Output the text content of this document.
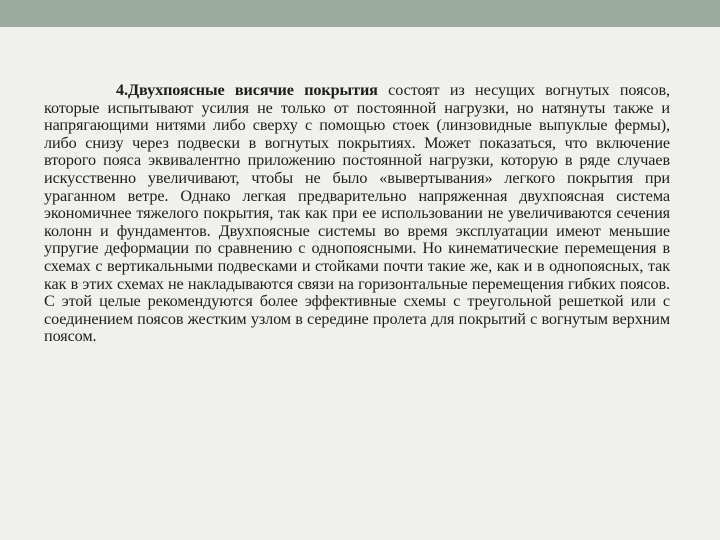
4.Двухпоясные висячие покрытия состоят из несущих вогнутых поясов, которые испытывают усилия не только от постоянной нагрузки, но натянуты также и напрягающими нитями либо сверху с помощью стоек (линзовидные выпуклые фермы), либо снизу через подвески в вогнутых покрытиях. Может показаться, что включение второго пояса эквивалентно приложению постоянной нагрузки, которую в ряде случаев искусственно увеличивают, чтобы не было «вывертывания» легкого покрытия при ураганном ветре. Однако легкая предварительно напряженная двухпоясная система экономичнее тяжелого покрытия, так как при ее использовании не увеличиваются сечения колонн и фундаментов. Двухпоясные системы во время эксплуатации имеют меньшие упругие деформации по сравнению с однопоясными. Но кинематические перемещения в схемах с вертикальными подвесками и стойками почти такие же, как и в однопоясных, так как в этих схемах не накладываются связи на горизонтальные перемещения гибких поясов. С этой целые рекомендуются более эффективные схемы с треугольной решеткой или с соединением поясов жестким узлом в середине пролета для покрытий с вогнутым верхним поясом.
